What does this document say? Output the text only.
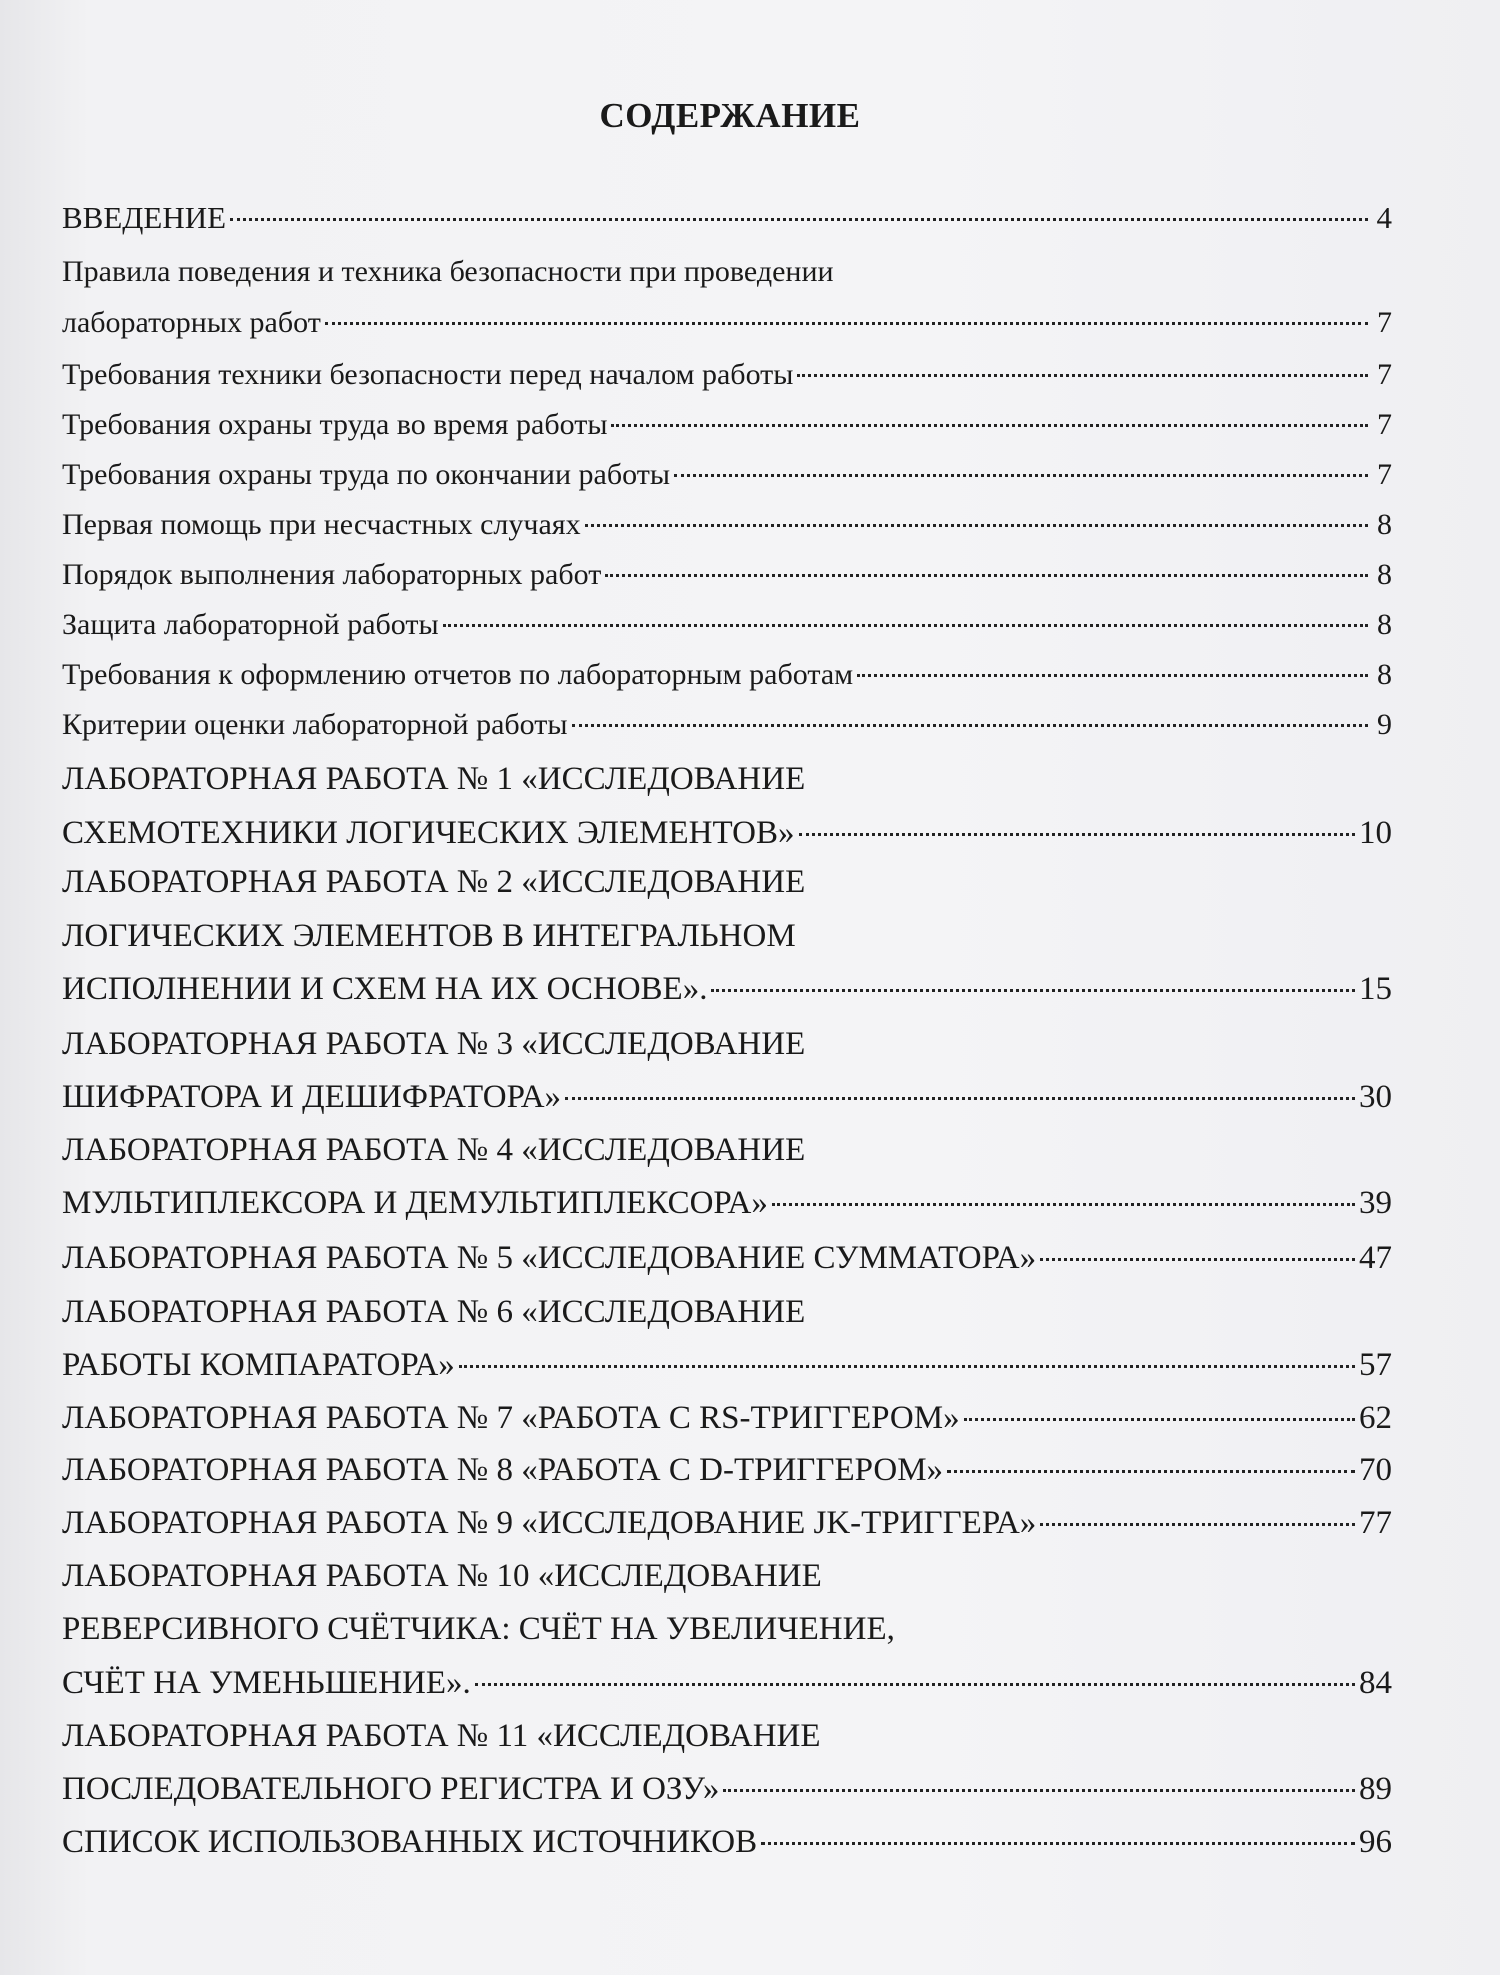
СОДЕРЖАНИЕ
ВВЕДЕНИЕ	4
Правила поведения и техника безопасности при проведении
лабораторных работ	7
Требования техники безопасности перед началом работы	7
Требования охраны труда во время работы	7
Требования охраны труда по окончании работы	7
Первая помощь при несчастных случаях	8
Порядок выполнения лабораторных работ	8
Защита лабораторной работы	8
Требования к оформлению отчетов по лабораторным работам	8
Критерии оценки лабораторной работы	9
ЛАБОРАТОРНАЯ РАБОТА № 1 «ИССЛЕДОВАНИЕ
СХЕМОТЕХНИКИ ЛОГИЧЕСКИХ ЭЛЕМЕНТОВ»	10
ЛАБОРАТОРНАЯ РАБОТА № 2 «ИССЛЕДОВАНИЕ
ЛОГИЧЕСКИХ ЭЛЕМЕНТОВ В ИНТЕГРАЛЬНОМ
ИСПОЛНЕНИИ И СХЕМ НА ИХ ОСНОВЕ».	15
ЛАБОРАТОРНАЯ РАБОТА № 3 «ИССЛЕДОВАНИЕ
ШИФРАТОРА И ДЕШИФРАТОРА»	30
ЛАБОРАТОРНАЯ РАБОТА № 4 «ИССЛЕДОВАНИЕ
МУЛЬТИПЛЕКСОРА И ДЕМУЛЬТИПЛЕКСОРА»	39
ЛАБОРАТОРНАЯ РАБОТА № 5 «ИССЛЕДОВАНИЕ СУММАТОРА»	47
ЛАБОРАТОРНАЯ РАБОТА № 6 «ИССЛЕДОВАНИЕ
РАБОТЫ КОМПАРАТОРА»	57
ЛАБОРАТОРНАЯ РАБОТА № 7 «РАБОТА С RS-ТРИГГЕРОМ»	62
ЛАБОРАТОРНАЯ РАБОТА № 8 «РАБОТА С D-ТРИГГЕРОМ»	70
ЛАБОРАТОРНАЯ РАБОТА № 9 «ИССЛЕДОВАНИЕ JK-ТРИГГЕРА»	77
ЛАБОРАТОРНАЯ РАБОТА № 10 «ИССЛЕДОВАНИЕ
РЕВЕРСИВНОГО СЧЁТЧИКА: СЧЁТ НА УВЕЛИЧЕНИЕ,
СЧЁТ НА УМЕНЬШЕНИЕ».	84
ЛАБОРАТОРНАЯ РАБОТА № 11 «ИССЛЕДОВАНИЕ
ПОСЛЕДОВАТЕЛЬНОГО РЕГИСТРА И ОЗУ»	89
СПИСОК ИСПОЛЬЗОВАННЫХ ИСТОЧНИКОВ	96
